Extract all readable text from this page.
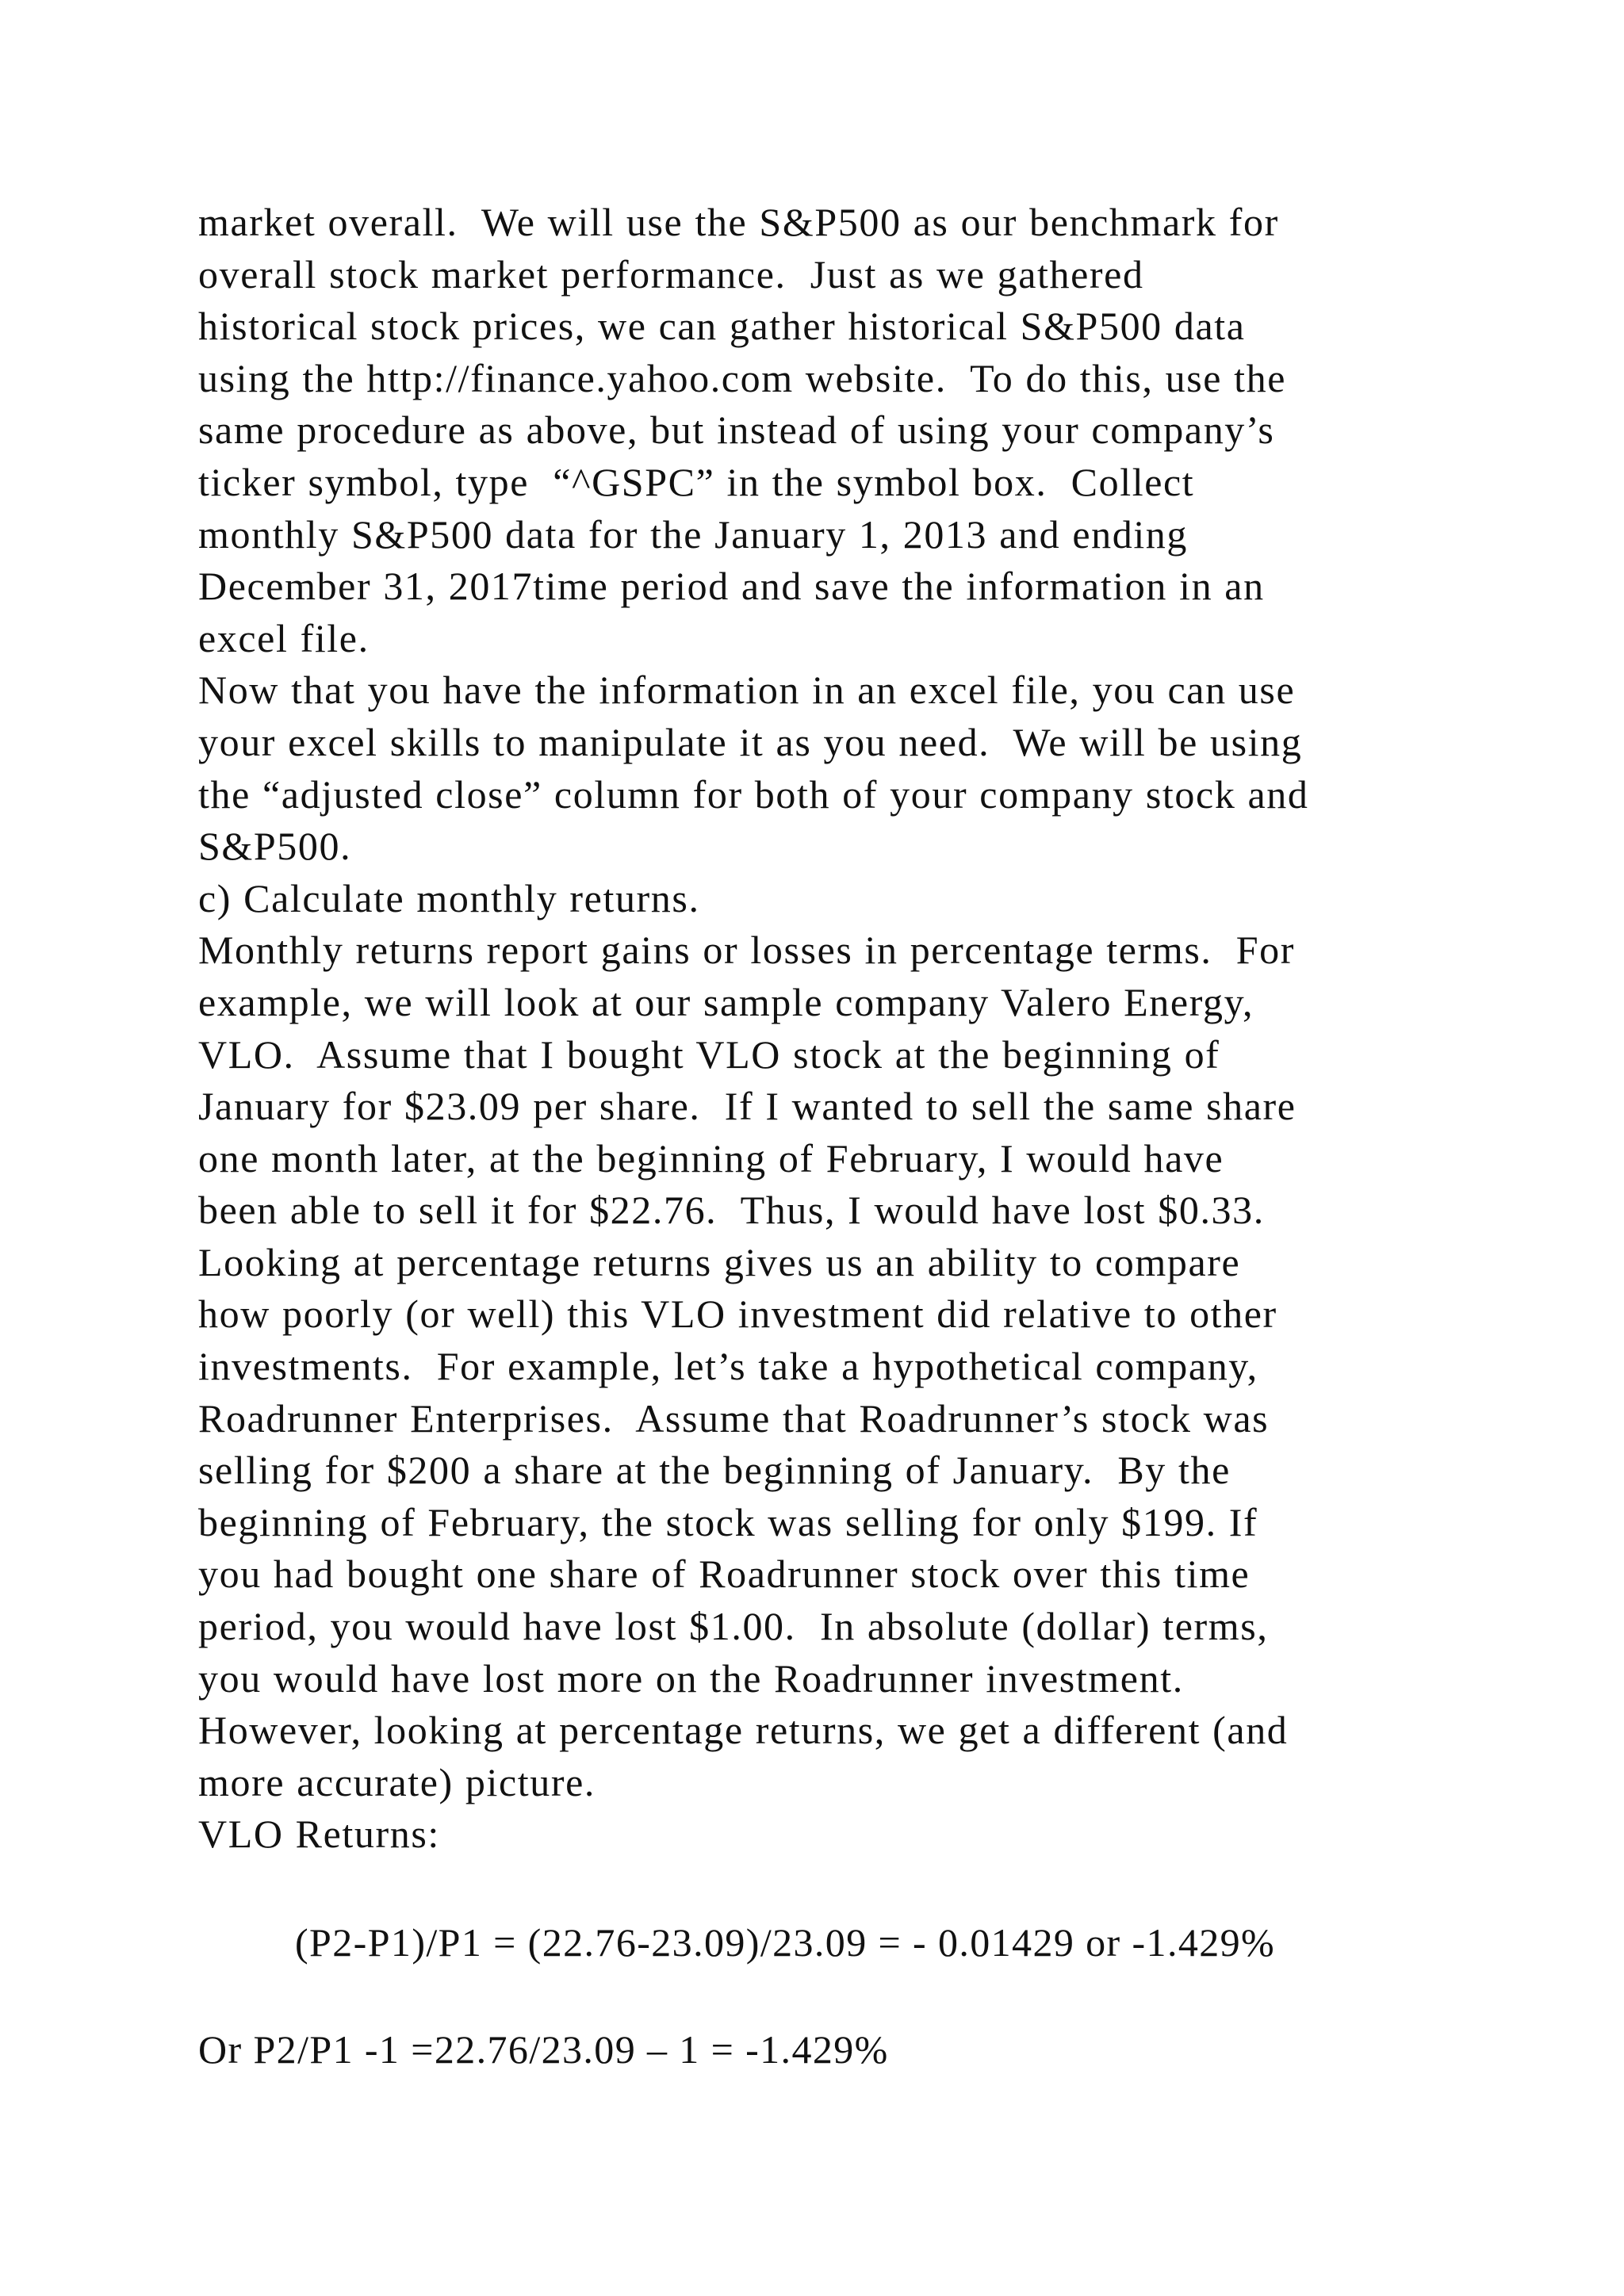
market overall.  We will use the S&P500 as our benchmark for
overall stock market performance.  Just as we gathered
historical stock prices, we can gather historical S&P500 data
using the http://finance.yahoo.com website.  To do this, use the
same procedure as above, but instead of using your company’s
ticker symbol, type  “^GSPC” in the symbol box.  Collect
monthly S&P500 data for the January 1, 2013 and ending
December 31, 2017time period and save the information in an
excel file.
Now that you have the information in an excel file, you can use
your excel skills to manipulate it as you need.  We will be using
the “adjusted close” column for both of your company stock and
S&P500.
c) Calculate monthly returns.
Monthly returns report gains or losses in percentage terms.  For
example, we will look at our sample company Valero Energy,
VLO.  Assume that I bought VLO stock at the beginning of
January for $23.09 per share.  If I wanted to sell the same share
one month later, at the beginning of February, I would have
been able to sell it for $22.76.  Thus, I would have lost $0.33.
Looking at percentage returns gives us an ability to compare
how poorly (or well) this VLO investment did relative to other
investments.  For example, let’s take a hypothetical company,
Roadrunner Enterprises.  Assume that Roadrunner’s stock was
selling for $200 a share at the beginning of January.  By the
beginning of February, the stock was selling for only $199. If
you had bought one share of Roadrunner stock over this time
period, you would have lost $1.00.  In absolute (dollar) terms,
you would have lost more on the Roadrunner investment.
However, looking at percentage returns, we get a different (and
more accurate) picture.
VLO Returns:
(P2-P1)/P1 = (22.76-23.09)/23.09 = - 0.01429 or -1.429%
Or P2/P1 -1 =22.76/23.09 – 1 = -1.429%
